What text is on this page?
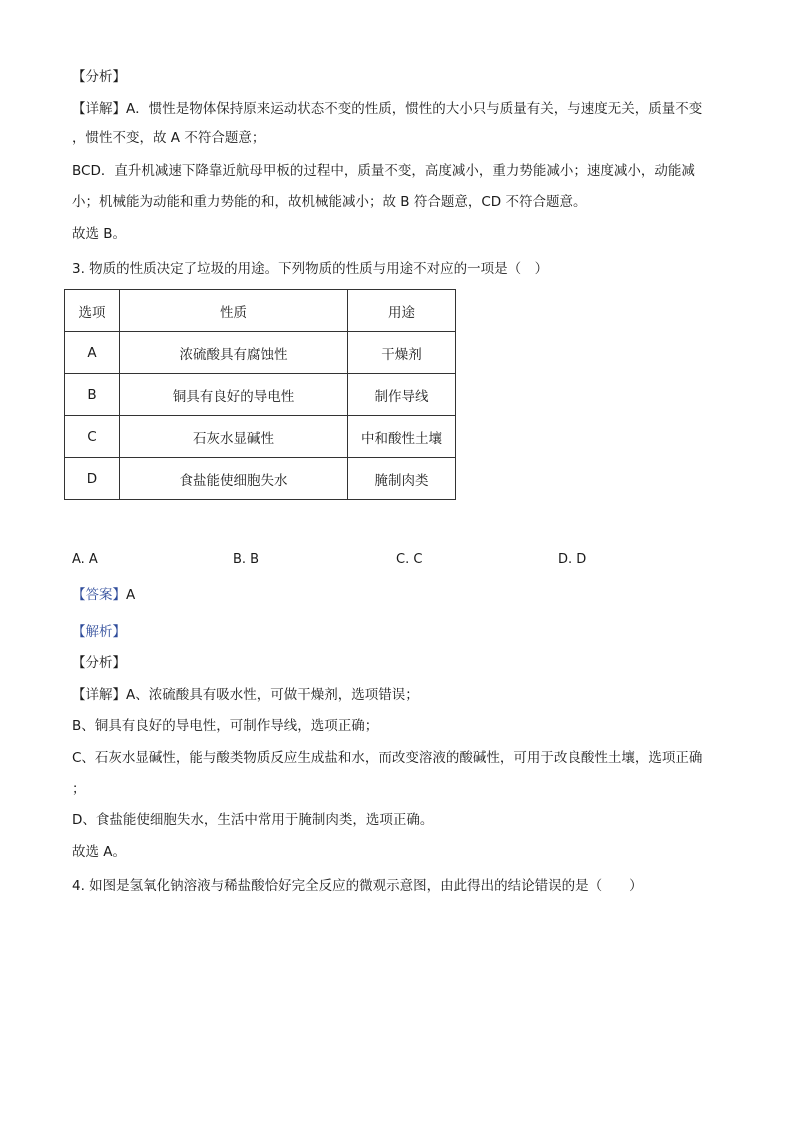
【分析】
【详解】A．惯性是物体保持原来运动状态不变的性质，惯性的大小只与质量有关，与速度无关，质量不变
，惯性不变，故 A 不符合题意；
BCD．直升机减速下降靠近航母甲板的过程中，质量不变，高度减小，重力势能减小；速度减小，动能减
小；机械能为动能和重力势能的和，故机械能减小；故 B 符合题意，CD 不符合题意。
故选 B。
3. 物质的性质决定了垃圾的用途。下列物质的性质与用途不对应的一项是（　）
选项	性质	用途
A	浓硫酸具有腐蚀性	干燥剂
B	铜具有良好的导电性	制作导线
C	石灰水显碱性	中和酸性土壤
D	食盐能使细胞失水	腌制肉类
A. A	B. B	C. C	D. D
【答案】A
【解析】
【分析】
【详解】A、浓硫酸具有吸水性，可做干燥剂，选项错误；
B、铜具有良好的导电性，可制作导线，选项正确；
C、石灰水显碱性，能与酸类物质反应生成盐和水，而改变溶液的酸碱性，可用于改良酸性土壤，选项正确
；
D、食盐能使细胞失水，生活中常用于腌制肉类，选项正确。
故选 A。
4. 如图是氢氧化钠溶液与稀盐酸恰好完全反应的微观示意图，由此得出的结论错误的是（　　）
